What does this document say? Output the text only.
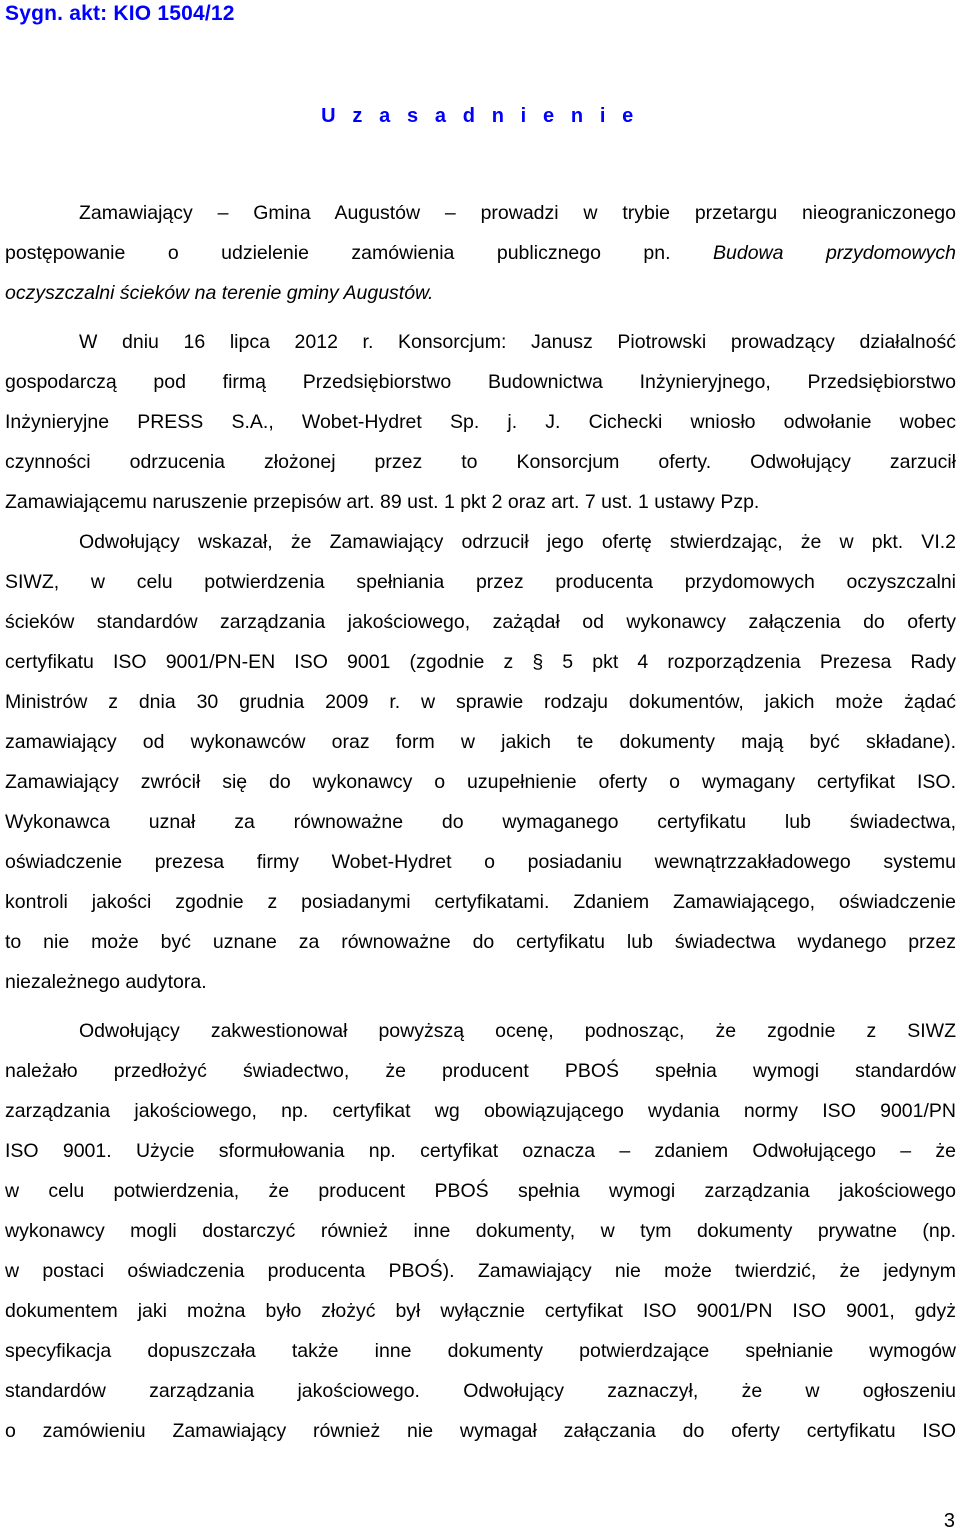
Sygn. akt: KIO 1504/12
U z a s a d n i e n i e
Zamawiający – Gmina Augustów – prowadzi w trybie przetargu nieograniczonego
postępowanie o udzielenie zamówienia publicznego pn. Budowa przydomowych
oczyszczalni ścieków na terenie gminy Augustów.
W dniu 16 lipca 2012 r. Konsorcjum: Janusz Piotrowski prowadzący działalność
gospodarczą pod firmą Przedsiębiorstwo Budownictwa Inżynieryjnego, Przedsiębiorstwo
Inżynieryjne PRESS S.A., Wobet-Hydret Sp. j. J. Cichecki wniosło odwołanie wobec
czynności odrzucenia złożonej przez to Konsorcjum oferty. Odwołujący zarzucił
Zamawiającemu naruszenie przepisów art. 89 ust. 1 pkt 2 oraz art. 7 ust. 1 ustawy Pzp.
Odwołujący wskazał, że Zamawiający odrzucił jego ofertę stwierdzając, że w pkt. VI.2
SIWZ, w celu potwierdzenia spełniania przez producenta przydomowych oczyszczalni
ścieków standardów zarządzania jakościowego, zażądał od wykonawcy załączenia do oferty
certyfikatu ISO 9001/PN-EN ISO 9001 (zgodnie z § 5 pkt 4 rozporządzenia Prezesa Rady
Ministrów z dnia 30 grudnia 2009 r. w sprawie rodzaju dokumentów, jakich może żądać
zamawiający od wykonawców oraz form w jakich te dokumenty mają być składane).
Zamawiający zwrócił się do wykonawcy o uzupełnienie oferty o wymagany certyfikat ISO.
Wykonawca uznał za równoważne do wymaganego certyfikatu lub świadectwa,
oświadczenie prezesa firmy Wobet-Hydret o posiadaniu wewnątrzzakładowego systemu
kontroli jakości zgodnie z posiadanymi certyfikatami. Zdaniem Zamawiającego, oświadczenie
to nie może być uznane za równoważne do certyfikatu lub świadectwa wydanego przez
niezależnego audytora.
Odwołujący zakwestionował powyższą ocenę, podnosząc, że zgodnie z SIWZ
należało przedłożyć świadectwo, że producent PBOŚ spełnia wymogi standardów
zarządzania jakościowego, np. certyfikat wg obowiązującego wydania normy ISO 9001/PN
ISO 9001. Użycie sformułowania np. certyfikat oznacza – zdaniem Odwołującego – że
w celu potwierdzenia, że producent PBOŚ spełnia wymogi zarządzania jakościowego
wykonawcy mogli dostarczyć również inne dokumenty, w tym dokumenty prywatne (np.
w postaci oświadczenia producenta PBOŚ). Zamawiający nie może twierdzić, że jedynym
dokumentem jaki można było złożyć był wyłącznie certyfikat ISO 9001/PN ISO 9001, gdyż
specyfikacja dopuszczała także inne dokumenty potwierdzające spełnianie wymogów
standardów zarządzania jakościowego. Odwołujący zaznaczył, że w ogłoszeniu
o zamówieniu Zamawiający również nie wymagał załączania do oferty certyfikatu ISO
3
